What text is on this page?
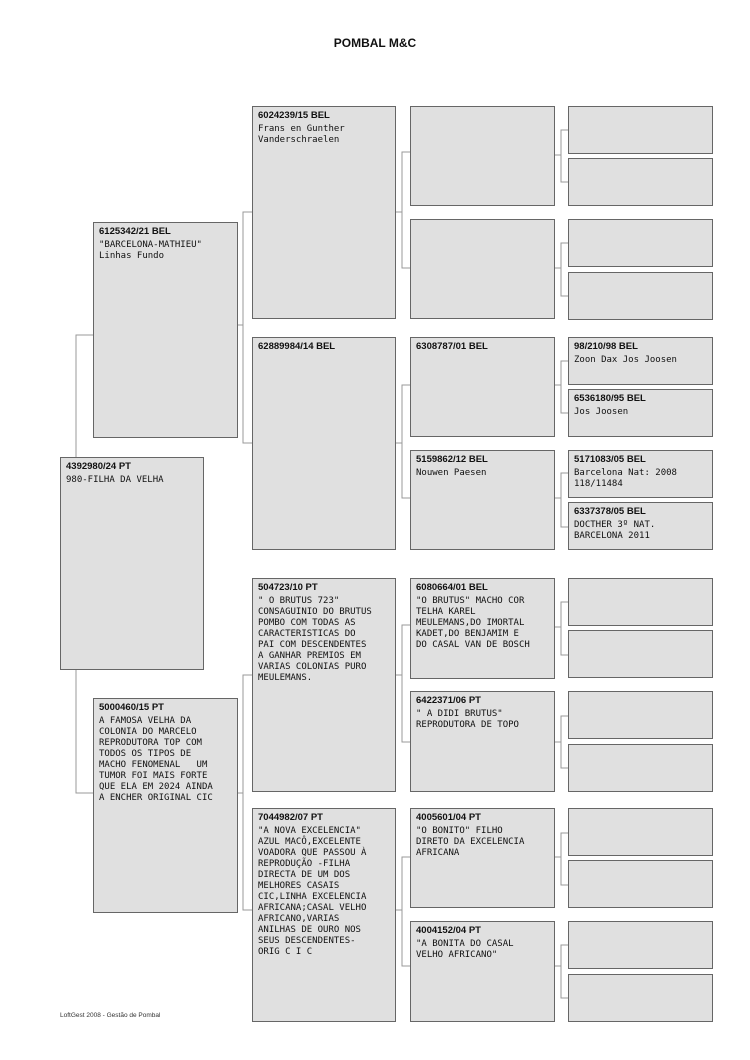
POMBAL M&C
4392980/24 PT
980-FILHA DA VELHA
6125342/21 BEL
"BARCELONA-MATHIEU"
Linhas Fundo
5000460/15 PT
A FAMOSA VELHA DA
COLONIA DO MARCELO
REPRODUTORA TOP COM
TODOS OS TIPOS DE
MACHO FENOMENAL   UM
TUMOR FOI MAIS FORTE
QUE ELA EM 2024 AINDA
A ENCHER ORIGINAL CIC
6024239/15 BEL
Frans en Gunther
Vanderschraelen
62889984/14 BEL
504723/10 PT
" O BRUTUS 723"
CONSAGUINIO DO BRUTUS
POMBO COM TODAS AS
CARACTERISTICAS DO
PAI COM DESCENDENTES
A GANHAR PREMIOS EM
VARIAS COLONIAS PURO
MEULEMANS.
7044982/07 PT
"A NOVA EXCELENCIA"
AZUL MACÔ,EXCELENTE
VOADORA QUE PASSOU À
REPRODUÇÃO -FILHA
DIRECTA DE UM DOS
MELHORES CASAIS
CIC,LINHA EXCELENCIA
AFRICANA;CASAL VELHO
AFRICANO,VARIAS
ANILHAS DE OURO NOS
SEUS DESCENDENTES-
ORIG C I C
6308787/01 BEL
5159862/12 BEL
Nouwen Paesen
6080664/01 BEL
"O BRUTUS" MACHO COR
TELHA KAREL
MEULEMANS,DO IMORTAL
KADET,DO BENJAMIM E
DO CASAL VAN DE BOSCH
6422371/06 PT
" A DIDI BRUTUS"
REPRODUTORA DE TOPO
4005601/04 PT
"O BONITO" FILHO
DIRETO DA EXCELENCIA
AFRICANA
4004152/04 PT
"A BONITA DO CASAL
VELHO AFRICANO"
98/210/98 BEL
Zoon Dax Jos Joosen
6536180/95 BEL
Jos Joosen
5171083/05 BEL
Barcelona Nat: 2008
118/11484
6337378/05 BEL
DOCTHER 3º NAT.
BARCELONA 2011
LoftGest 2008 - Gestão de Pombal
